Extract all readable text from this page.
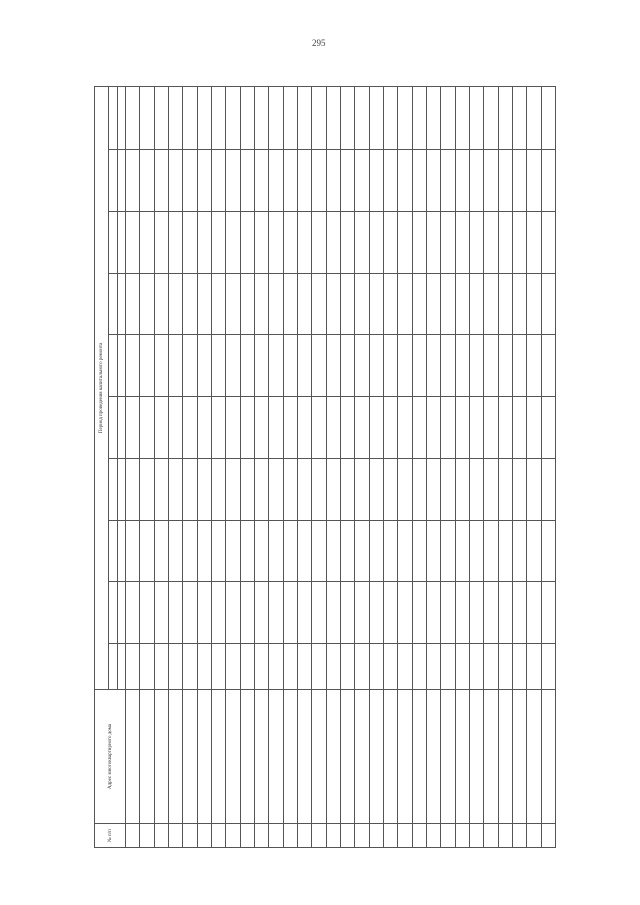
295
№ п/п	Адрес многоквартирного дома	Период проведения капитального ремонта									
